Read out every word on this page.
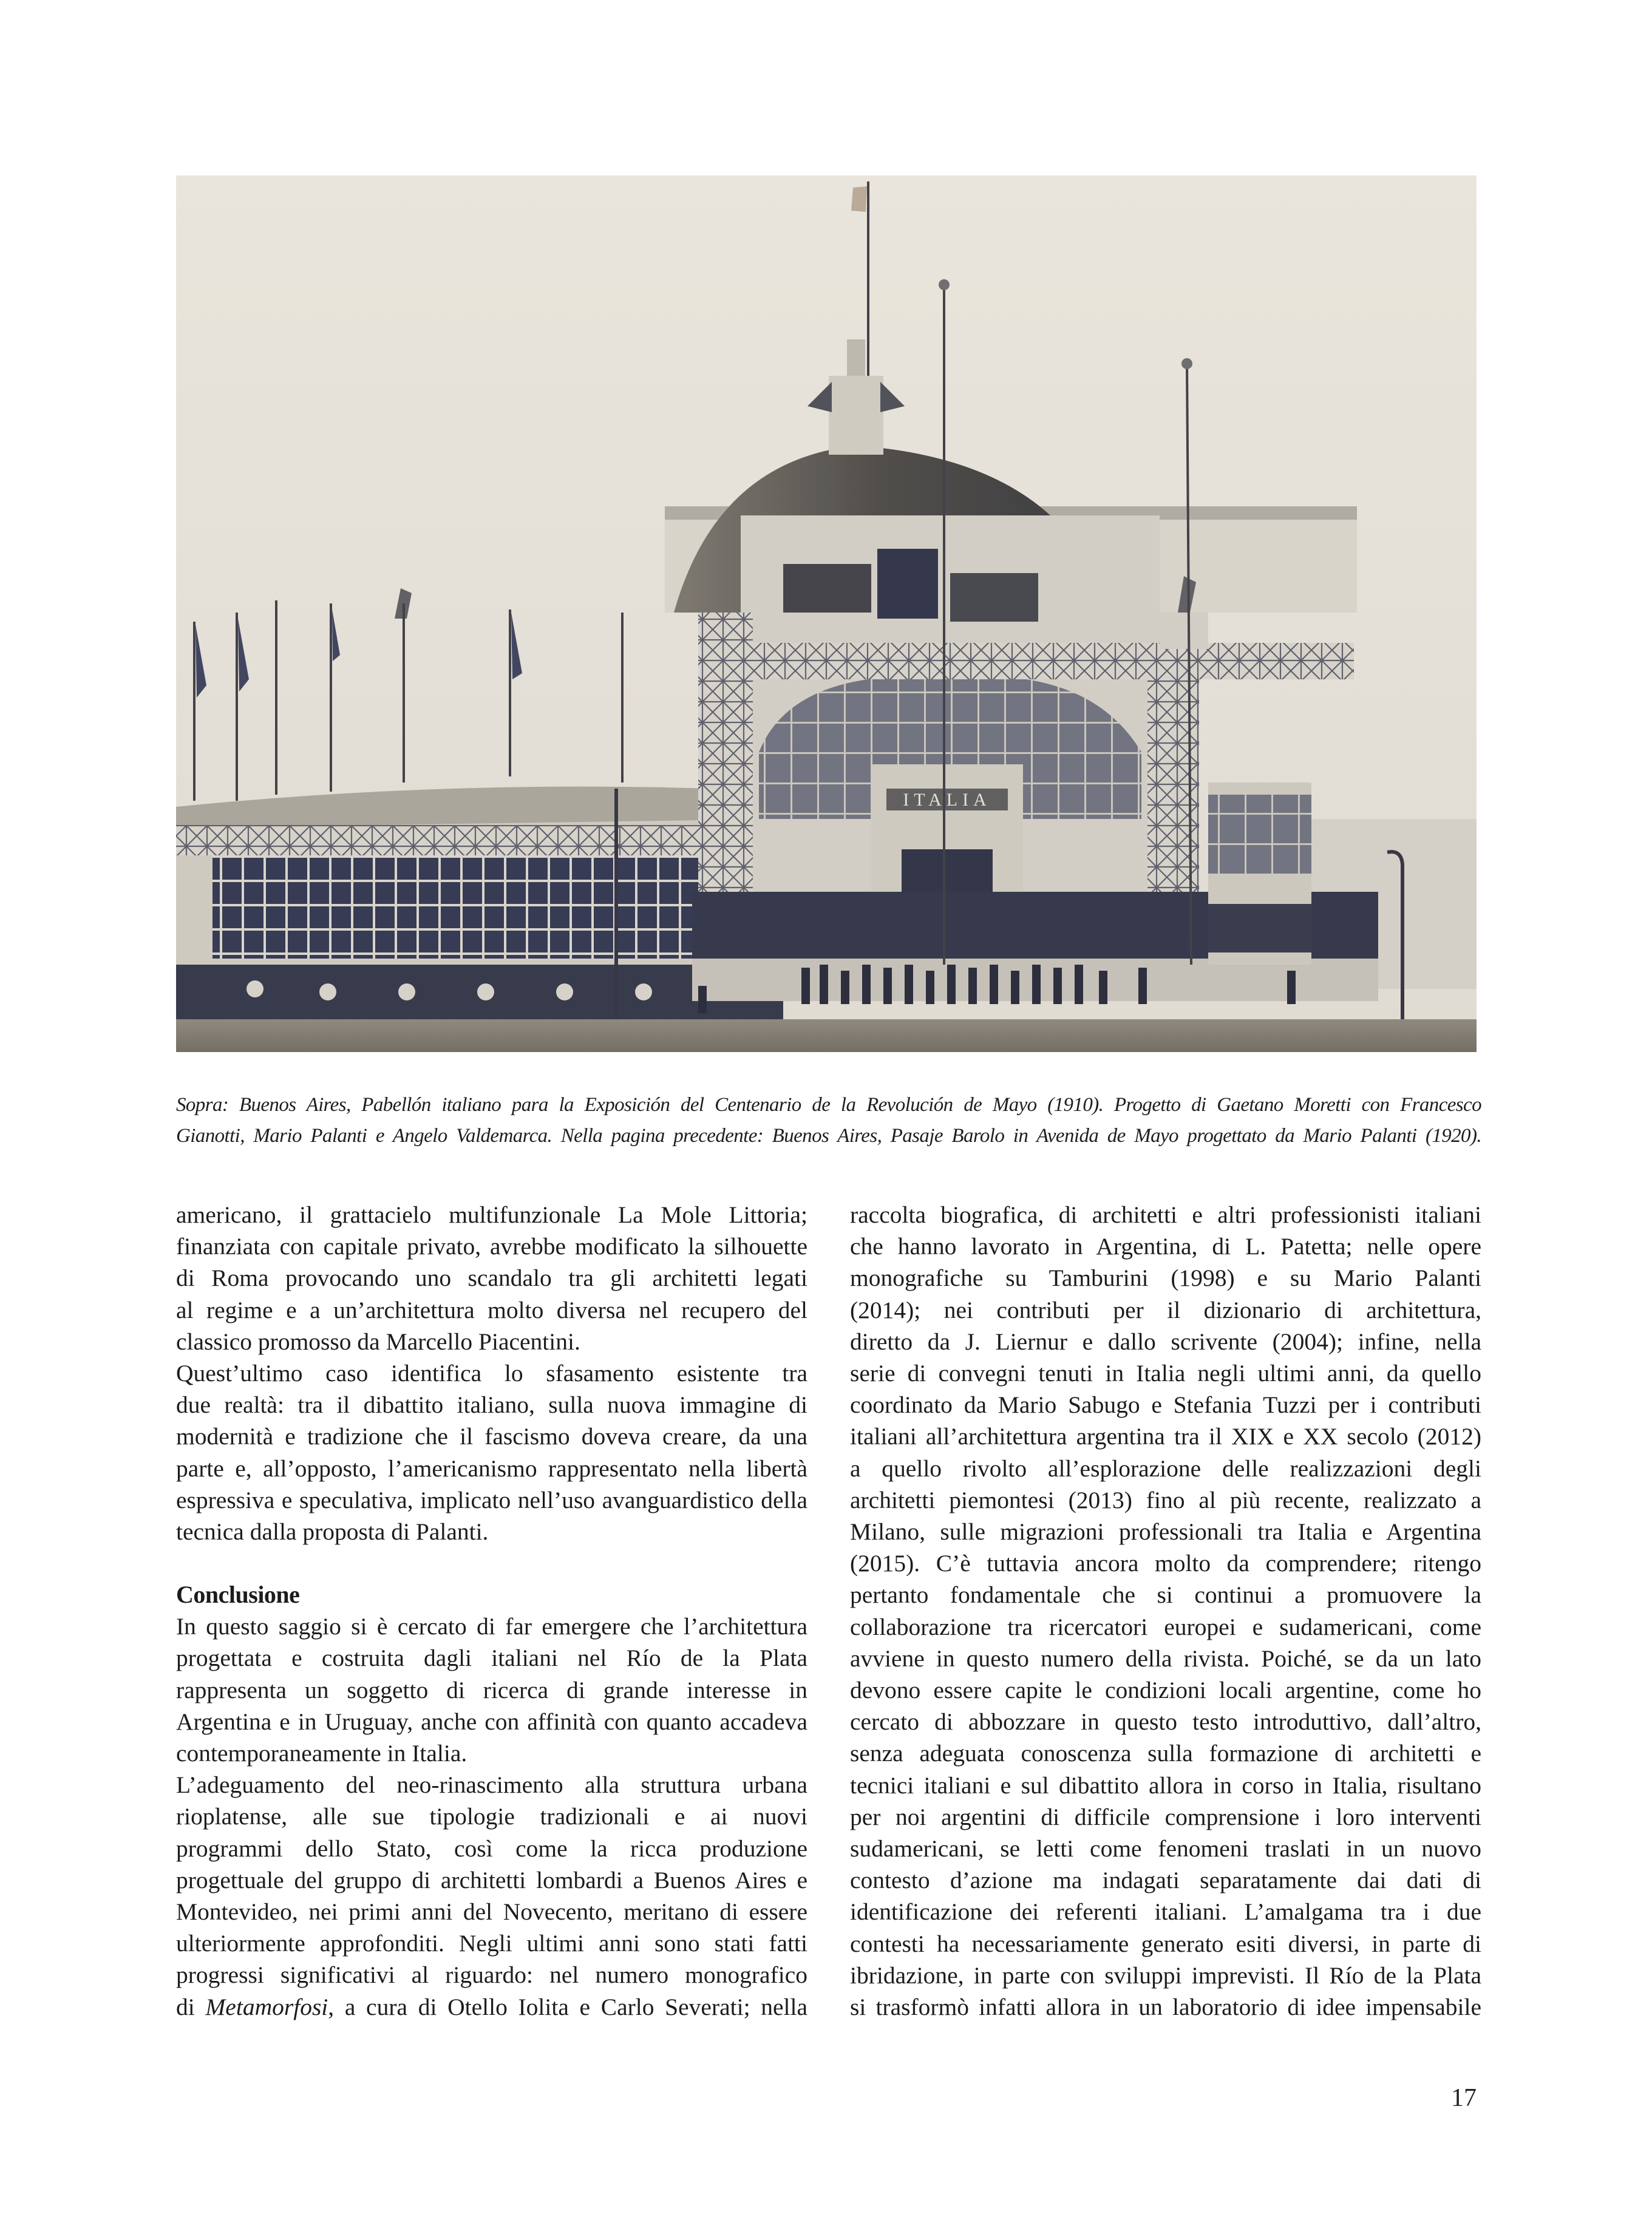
ITALIA
Sopra: Buenos Aires, Pabellón italiano para la Exposición del Centenario de la Revolución de Mayo (1910). Progetto di Gaetano Moretti con Francesco
Gianotti, Mario Palanti e Angelo Valdemarca. Nella pagina precedente: Buenos Aires, Pasaje Barolo in Avenida de Mayo progettato da Mario Palanti (1920).

americano, il grattacielo multifunzionale La Mole Littoria;
finanziata con capitale privato, avrebbe modificato la silhouette
di Roma provocando uno scandalo tra gli architetti legati
al regime e a un’architettura molto diversa nel recupero del
classico promosso da Marcello Piacentini.

Quest’ultimo caso identifica lo sfasamento esistente tra
due realtà: tra il dibattito italiano, sulla nuova immagine di
modernità e tradizione che il fascismo doveva creare, da una
parte e, all’opposto, l’americanismo rappresentato nella libertà
espressiva e speculativa, implicato nell’uso avanguardistico della
tecnica dalla proposta di Palanti.

Conclusione

In questo saggio si è cercato di far emergere che l’architettura
progettata e costruita dagli italiani nel Río de la Plata
rappresenta un soggetto di ricerca di grande interesse in
Argentina e in Uruguay, anche con affinità con quanto accadeva
contemporaneamente in Italia.

L’adeguamento del neo-rinascimento alla struttura urbana
rioplatense, alle sue tipologie tradizionali e ai nuovi
programmi dello Stato, così come la ricca produzione
progettuale del gruppo di architetti lombardi a Buenos Aires e
Montevideo, nei primi anni del Novecento, meritano di essere
ulteriormente approfonditi. Negli ultimi anni sono stati fatti
progressi significativi al riguardo: nel numero monografico
di Metamorfosi, a cura di Otello Iolita e Carlo Severati; nella

raccolta biografica, di architetti e altri professionisti italiani
che hanno lavorato in Argentina, di L. Patetta; nelle opere
monografiche su Tamburini (1998) e su Mario Palanti
(2014); nei contributi per il dizionario di architettura,
diretto da J. Liernur e dallo scrivente (2004); infine, nella
serie di convegni tenuti in Italia negli ultimi anni, da quello
coordinato da Mario Sabugo e Stefania Tuzzi per i contributi
italiani all’architettura argentina tra il XIX e XX secolo (2012)
a quello rivolto all’esplorazione delle realizzazioni degli
architetti piemontesi (2013) fino al più recente, realizzato a
Milano, sulle migrazioni professionali tra Italia e Argentina
(2015). C’è tuttavia ancora molto da comprendere; ritengo
pertanto fondamentale che si continui a promuovere la
collaborazione tra ricercatori europei e sudamericani, come
avviene in questo numero della rivista. Poiché, se da un lato
devono essere capite le condizioni locali argentine, come ho
cercato di abbozzare in questo testo introduttivo, dall’altro,
senza adeguata conoscenza sulla formazione di architetti e
tecnici italiani e sul dibattito allora in corso in Italia, risultano
per noi argentini di difficile comprensione i loro interventi
sudamericani, se letti come fenomeni traslati in un nuovo
contesto d’azione ma indagati separatamente dai dati di
identificazione dei referenti italiani. L’amalgama tra i due
contesti ha necessariamente generato esiti diversi, in parte di
ibridazione, in parte con sviluppi imprevisti. Il Río de la Plata
si trasformò infatti allora in un laboratorio di idee impensabile

17
